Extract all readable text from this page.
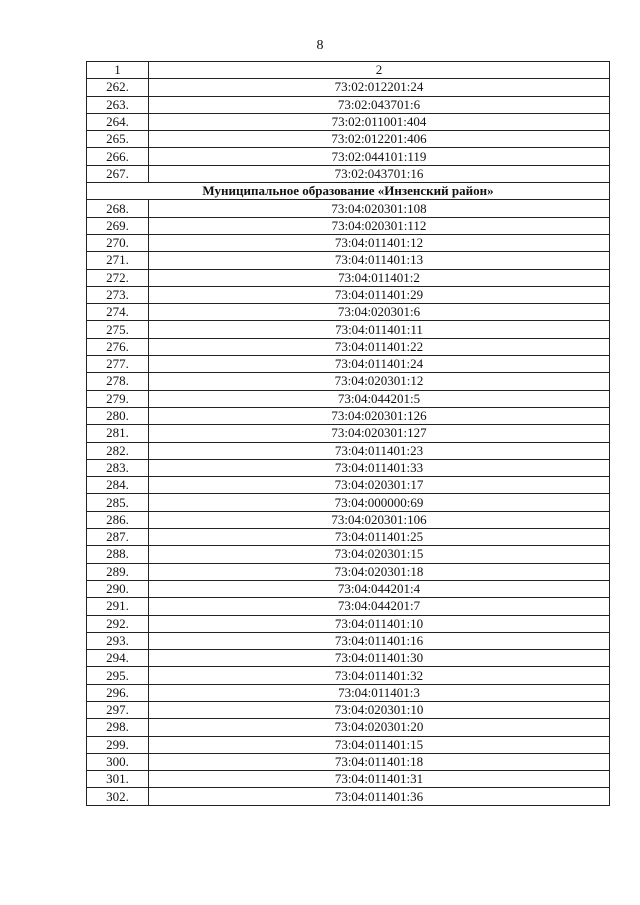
8
1	2
262.	73:02:012201:24
263.	73:02:043701:6
264.	73:02:011001:404
265.	73:02:012201:406
266.	73:02:044101:119
267.	73:02:043701:16
Муниципальное образование «Инзенский район»	
268.	73:04:020301:108
269.	73:04:020301:112
270.	73:04:011401:12
271.	73:04:011401:13
272.	73:04:011401:2
273.	73:04:011401:29
274.	73:04:020301:6
275.	73:04:011401:11
276.	73:04:011401:22
277.	73:04:011401:24
278.	73:04:020301:12
279.	73:04:044201:5
280.	73:04:020301:126
281.	73:04:020301:127
282.	73:04:011401:23
283.	73:04:011401:33
284.	73:04:020301:17
285.	73:04:000000:69
286.	73:04:020301:106
287.	73:04:011401:25
288.	73:04:020301:15
289.	73:04:020301:18
290.	73:04:044201:4
291.	73:04:044201:7
292.	73:04:011401:10
293.	73:04:011401:16
294.	73:04:011401:30
295.	73:04:011401:32
296.	73:04:011401:3
297.	73:04:020301:10
298.	73:04:020301:20
299.	73:04:011401:15
300.	73:04:011401:18
301.	73:04:011401:31
302.	73:04:011401:36
